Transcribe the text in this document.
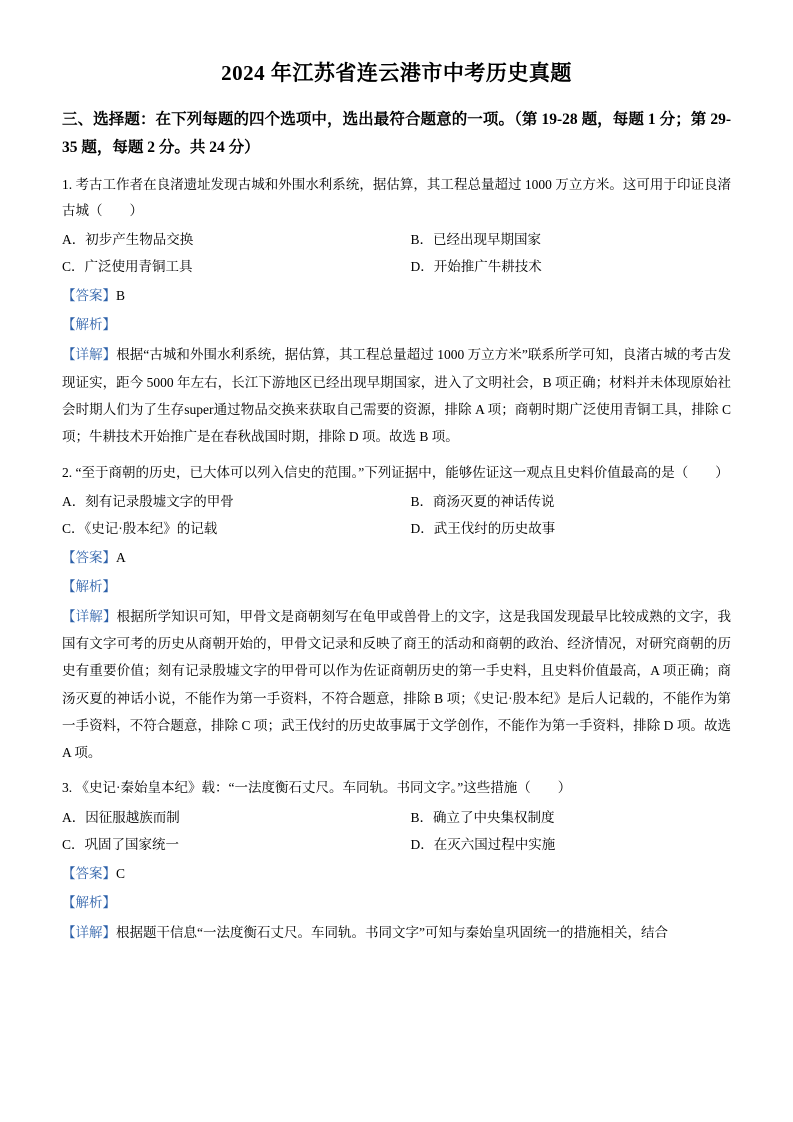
2024 年江苏省连云港市中考历史真题
三、选择题：在下列每题的四个选项中，选出最符合题意的一项。（第 19-28 题，每题 1 分；第 29-35 题，每题 2 分。共 24 分）
1. 考古工作者在良渚遗址发现古城和外围水利系统，据估算，其工程总量超过 1000 万立方米。这可用于印证良渚古城（　　）
A．初步产生物品交换	B．已经出现早期国家
C．广泛使用青铜工具	D．开始推广牛耕技术
【答案】B
【解析】
【详解】根据“古城和外围水利系统，据估算，其工程总量超过 1000 万立方米”联系所学可知，良渚古城的考古发现证实，距今 5000 年左右，长江下游地区已经出现早期国家，进入了文明社会，B 项正确；材料并未体现原始社会时期人们为了生存super通过物品交换来获取自己需要的资源，排除 A 项；商朝时期广泛使用青铜工具，排除 C 项；牛耕技术开始推广是在春秋战国时期，排除 D 项。故选 B 项。
2. “至于商朝的历史，已大体可以列入信史的范围。”下列证据中，能够佐证这一观点且史料价值最高的是（　　）
A．刻有记录殷墟文字的甲骨	B．商汤灭夏的神话传说
C．《史记·殷本纪》的记载	D．武王伐纣的历史故事
【答案】A
【解析】
【详解】根据所学知识可知，甲骨文是商朝刻写在龟甲或兽骨上的文字，这是我国发现最早比较成熟的文字，我国有文字可考的历史从商朝开始的，甲骨文记录和反映了商王的活动和商朝的政治、经济情况，对研究商朝的历史有重要价值；刻有记录殷墟文字的甲骨可以作为佐证商朝历史的第一手史料，且史料价值最高，A 项正确；商汤灭夏的神话小说，不能作为第一手资料，不符合题意，排除 B 项；《史记·殷本纪》是后人记载的，不能作为第一手资料，不符合题意，排除 C 项；武王伐纣的历史故事属于文学创作，不能作为第一手资料，排除 D 项。故选 A 项。
3. 《史记·秦始皇本纪》载：“一法度衡石丈尺。车同轨。书同文字。”这些措施（　　）
A．因征服越族而制	B．确立了中央集权制度
C．巩固了国家统一	D．在灭六国过程中实施
【答案】C
【解析】
【详解】根据题干信息“一法度衡石丈尺。车同轨。书同文字”可知与秦始皇巩固统一的措施相关，结合
